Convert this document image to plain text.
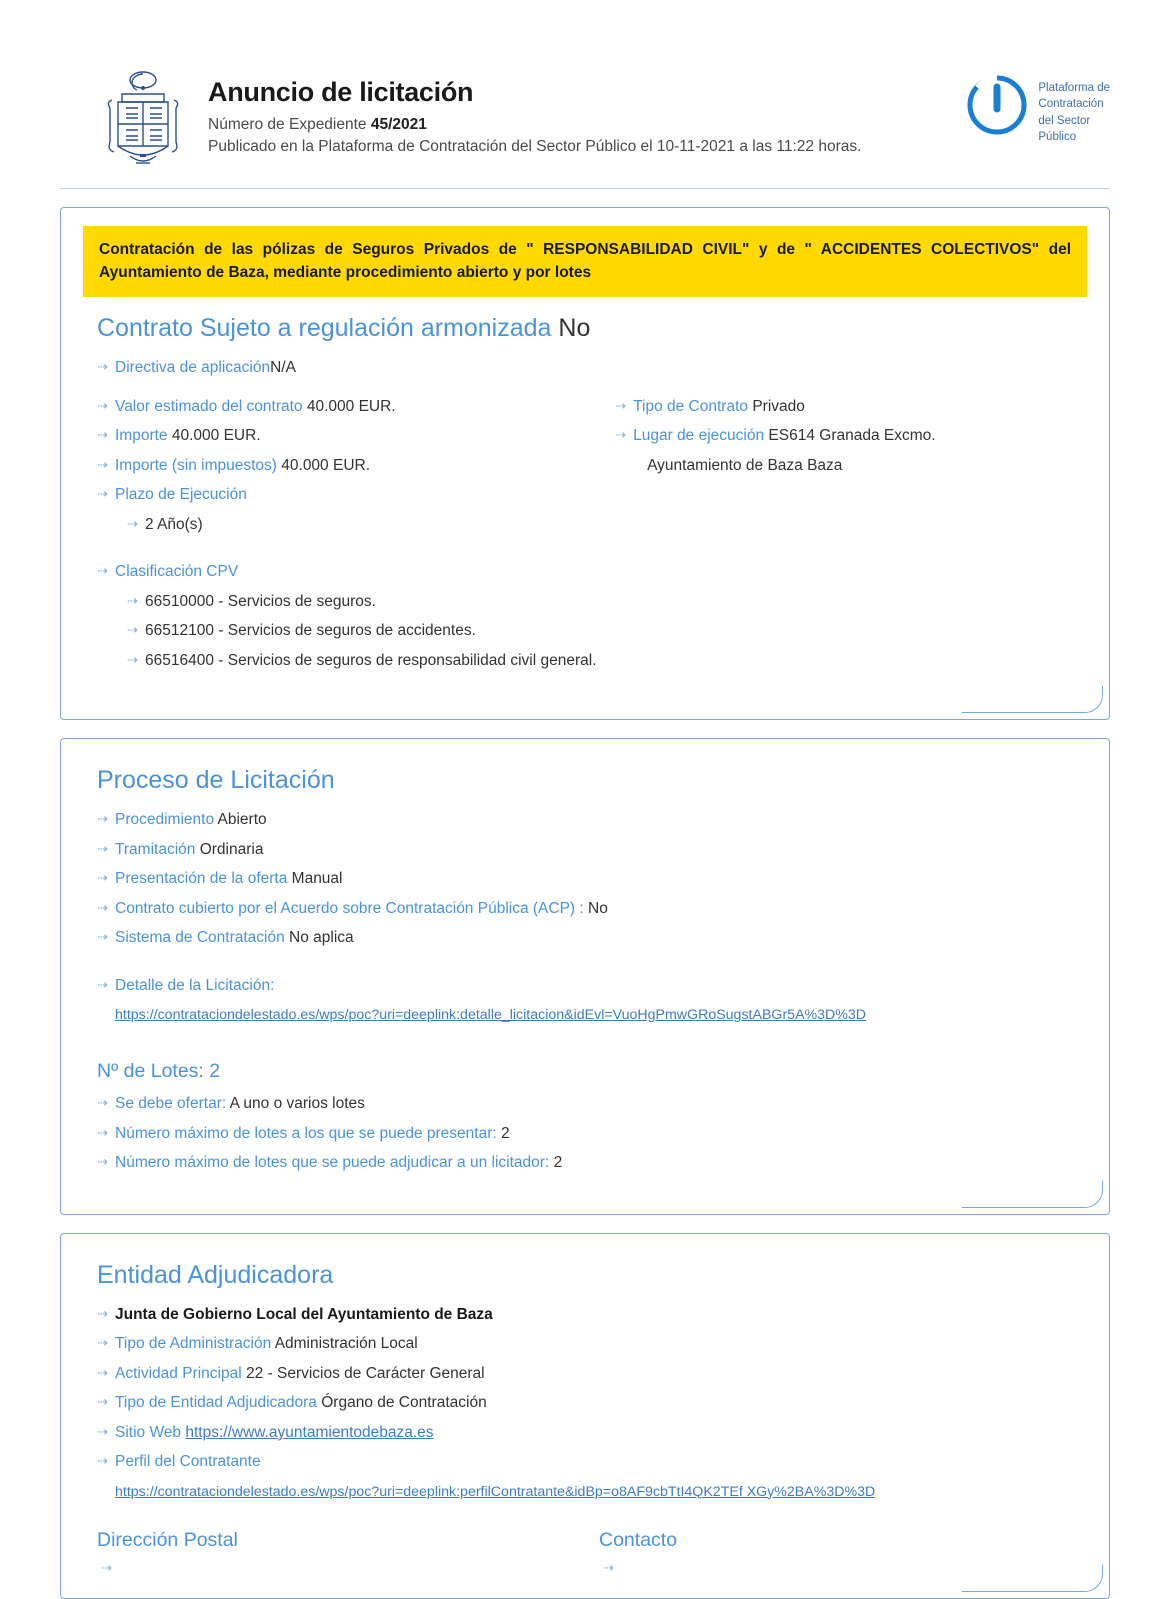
Anuncio de licitación
Número de Expediente 45/2021
Publicado en la Plataforma de Contratación del Sector Público el 10-11-2021 a las 11:22 horas.
Plataforma de
Contratación
del Sector
Público
Contratación de las pólizas de Seguros Privados de " RESPONSABILIDAD CIVIL" y de " ACCIDENTES COLECTIVOS" del Ayuntamiento de Baza, mediante procedimiento abierto y por lotes
Contrato Sujeto a regulación armonizada No
⇢ Directiva de aplicaciónN/A
⇢ Valor estimado del contrato 40.000 EUR.
⇢ Importe 40.000 EUR.
⇢ Importe (sin impuestos) 40.000 EUR.
⇢ Plazo de Ejecución
⇢ 2 Año(s)
⇢ Tipo de Contrato Privado
⇢ Lugar de ejecución ES614 Granada Excmo.
Ayuntamiento de Baza Baza
⇢ Clasificación CPV
⇢ 66510000 - Servicios de seguros.
⇢ 66512100 - Servicios de seguros de accidentes.
⇢ 66516400 - Servicios de seguros de responsabilidad civil general.
Proceso de Licitación
⇢ Procedimiento Abierto
⇢ Tramitación Ordinaria
⇢ Presentación de la oferta Manual
⇢ Contrato cubierto por el Acuerdo sobre Contratación Pública (ACP) : No
⇢ Sistema de Contratación No aplica
⇢ Detalle de la Licitación:
https://contrataciondelestado.es/wps/poc?uri=deeplink:detalle_licitacion&idEvl=VuoHgPmwGRoSugstABGr5A%3D%3D
Nº de Lotes: 2
⇢ Se debe ofertar: A uno o varios lotes
⇢ Número máximo de lotes a los que se puede presentar: 2
⇢ Número máximo de lotes que se puede adjudicar a un licitador: 2
Entidad Adjudicadora
⇢ Junta de Gobierno Local del Ayuntamiento de Baza
⇢ Tipo de Administración Administración Local
⇢ Actividad Principal 22 - Servicios de Carácter General
⇢ Tipo de Entidad Adjudicadora Órgano de Contratación
⇢ Sitio Web https://www.ayuntamientodebaza.es
⇢ Perfil del Contratante
https://contrataciondelestado.es/wps/poc?uri=deeplink:perfilContratante&idBp=o8AF9cbTtI4QK2TEf XGy%2BA%3D%3D
Dirección Postal
⇢
Contacto
⇢
